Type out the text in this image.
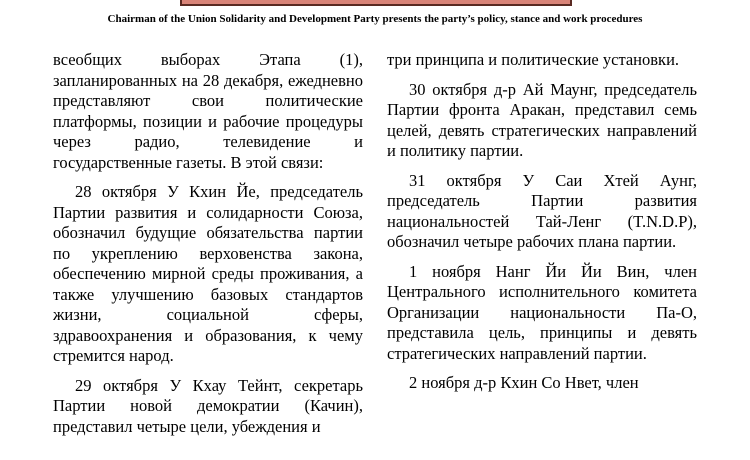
Chairman of the Union Solidarity and Development Party presents the party’s policy, stance and work procedures

всеобщих выборах Этапа (1), запланированных на 28 декабря, ежедневно представляют свои политические платформы, позиции и рабочие процедуры через радио, телевидение и государственные газеты. В этой связи:

28 октября У Кхин Йе, председатель Партии развития и солидарности Союза, обозначил будущие обязательства партии по укреплению верховенства закона, обеспечению мирной среды проживания, а также улучшению базовых стандартов жизни, социальной сферы, здравоохранения и образования, к чему стремится народ.

29 октября У Кхау Тейнт, секретарь Партии новой демократии (Качин), представил четыре цели, убеждения и

три принципа и политические установки.

30 октября д-р Ай Маунг, председатель Партии фронта Аракан, представил семь целей, девять стратегических направлений и политику партии.

31 октября У Саи Хтей Аунг, председатель Партии развития национальностей Тай-Ленг (T.N.D.P), обозначил четыре рабочих плана партии.

1 ноября Нанг Йи Йи Вин, член Центрального исполнительного комитета Организации национальности Па-О, представила цель, принципы и девять стратегических направлений партии.

2 ноября д-р Кхин Со Нвет, член
